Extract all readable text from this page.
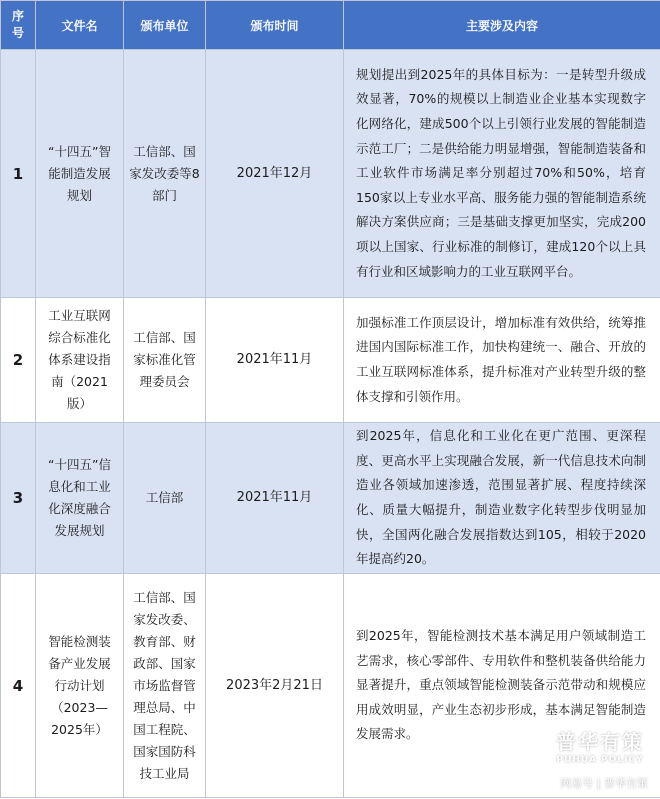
序号	文件名	颁布单位	颁布时间	主要涉及内容
1	“十四五”智能制造发展规划	工信部、国家发改委等8部门	2021年12月	规划提出到2025年的具体目标为：一是转型升级成效显著，70%的规模以上制造业企业基本实现数字化网络化，建成500个以上引领行业发展的智能制造示范工厂；二是供给能力明显增强，智能制造装备和工业软件市场满足率分别超过70%和50%，培育150家以上专业水平高、服务能力强的智能制造系统解决方案供应商；三是基础支撑更加坚实，完成200项以上国家、行业标准的制修订，建成120个以上具有行业和区域影响力的工业互联网平台。
2	工业互联网综合标准化体系建设指南（2021版）	工信部、国家标准化管理委员会	2021年11月	加强标准工作顶层设计，增加标准有效供给，统筹推进国内国际标准工作，加快构建统一、融合、开放的工业互联网标准体系，提升标准对产业转型升级的整体支撑和引领作用。
3	“十四五”信息化和工业化深度融合发展规划	工信部	2021年11月	到2025年，信息化和工业化在更广范围、更深程度、更高水平上实现融合发展，新一代信息技术向制造业各领域加速渗透，范围显著扩展、程度持续深化、质量大幅提升，制造业数字化转型步伐明显加快，全国两化融合发展指数达到105，相较于2020年提高约20。
4	智能检测装备产业发展行动计划（2023—2025年）	工信部、国家发改委、教育部、财政部、国家市场监督管理总局、中国工程院、国家国防科技工业局	2023年2月21日	到2025年，智能检测技术基本满足用户领域制造工艺需求，核心零部件、专用软件和整机装备供给能力显著提升，重点领域智能检测装备示范带动和规模应用成效明显，产业生态初步形成，基本满足智能制造发展需求。	普华有策
PUHUA POLICY
网易号 | 普华有策
